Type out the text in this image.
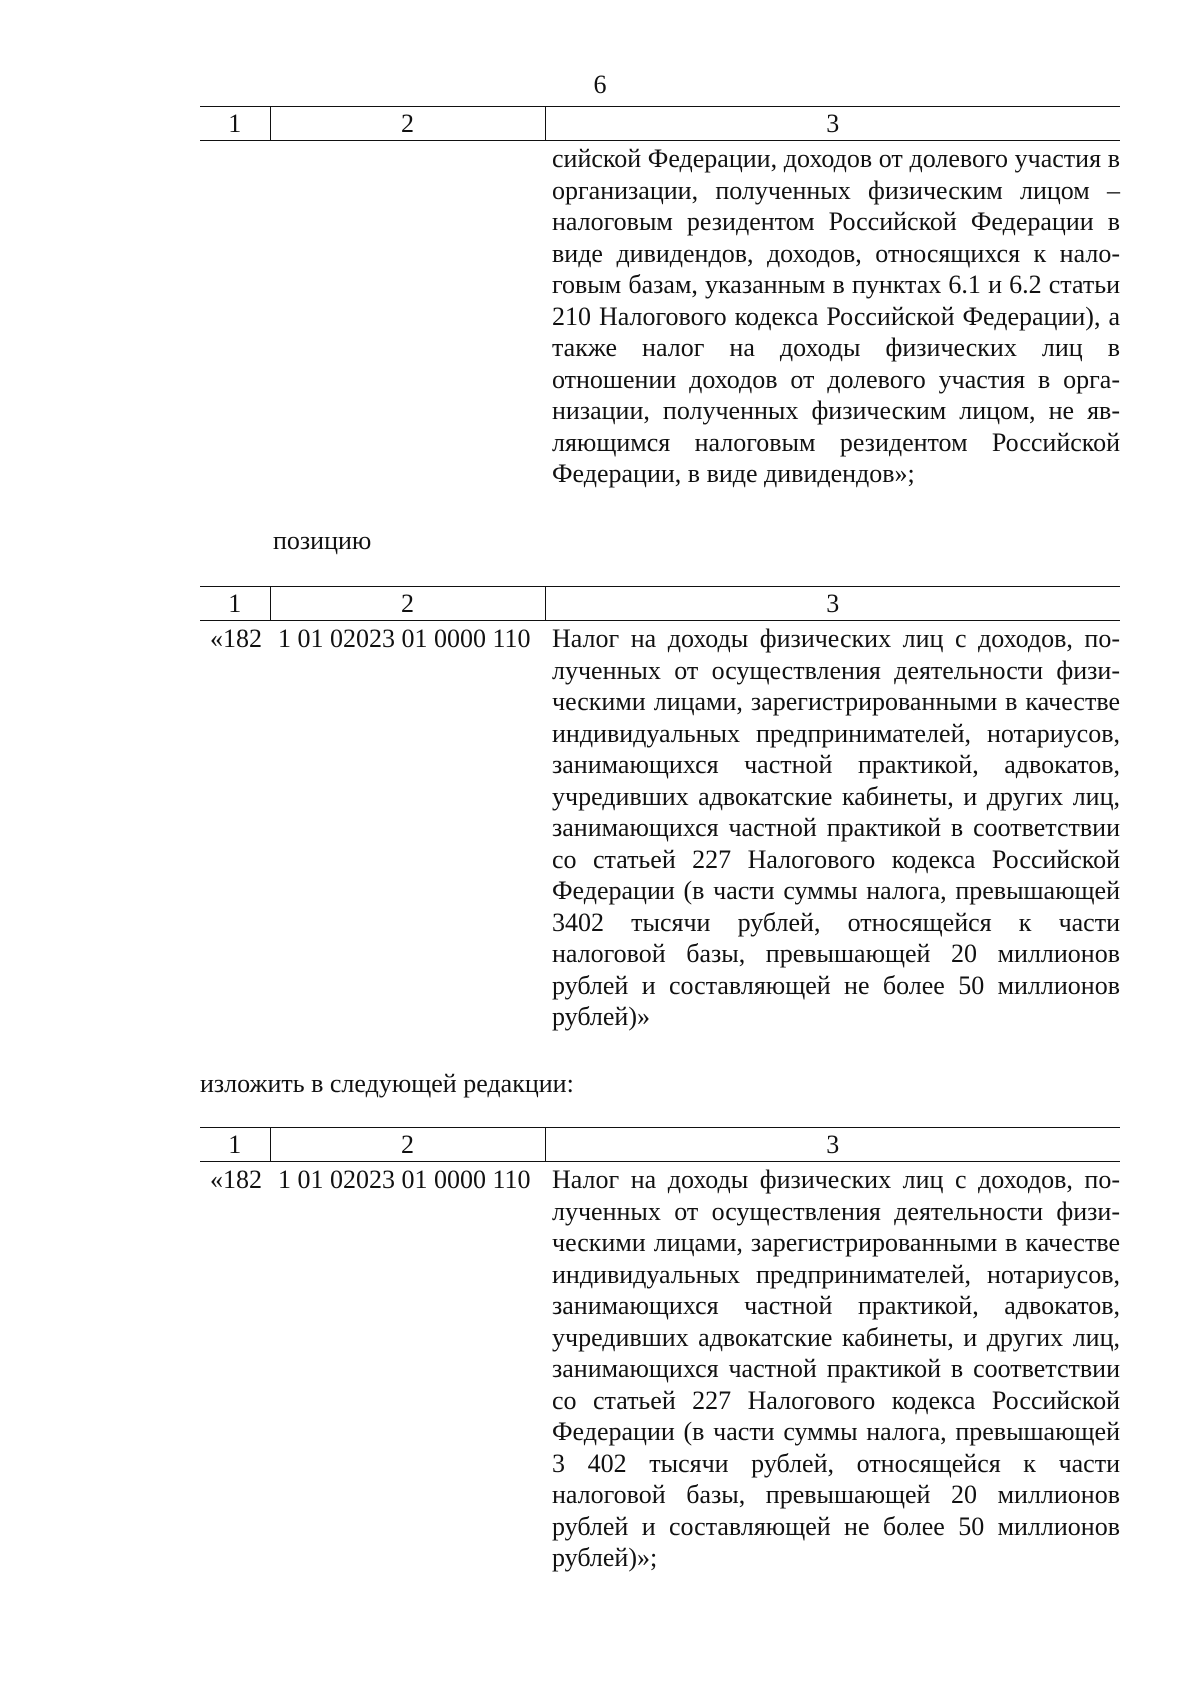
6
1	2	3
		сийской Федерации, доходов от долевого участия в организации, полученных физическим лицом – налоговым резидентом Российской Федерации в виде дивидендов, доходов, относящихся к налоговым базам, указанным в пунктах 6.1 и 6.2 статьи 210 Налогового кодекса Российской Федерации), а также налог на доходы физических лиц в отношении доходов от долевого участия в организации, полученных физическим лицом, не являющимся налоговым резидентом Российской Федерации, в виде дивидендов»;
позицию
1	2	3
«182	1 01 02023 01 0000 110	Налог на доходы физических лиц с доходов, полученных от осуществления деятельности физическими лицами, зарегистрированными в качестве индивидуальных предпринимателей, нотариусов, занимающихся частной практикой, адвокатов, учредивших адвокатские кабинеты, и других лиц, занимающихся частной практикой в соответствии со статьей 227 Налогового кодекса Российской Федерации (в части суммы налога, превышающей 3402 тысячи рублей, относящейся к части налоговой базы, превышающей 20 миллионов рублей и составляющей не более 50 миллионов рублей)»
изложить в следующей редакции:
1	2	3
«182	1 01 02023 01 0000 110	Налог на доходы физических лиц с доходов, полученных от осуществления деятельности физическими лицами, зарегистрированными в качестве индивидуальных предпринимателей, нотариусов, занимающихся частной практикой, адвокатов, учредивших адвокатские кабинеты, и других лиц, занимающихся частной практикой в соответствии со статьей 227 Налогового кодекса Российской Федерации (в части суммы налога, превышающей 3 402 тысячи рублей, относящейся к части налоговой базы, превышающей 20 миллионов рублей и составляющей не более 50 миллионов рублей)»;
